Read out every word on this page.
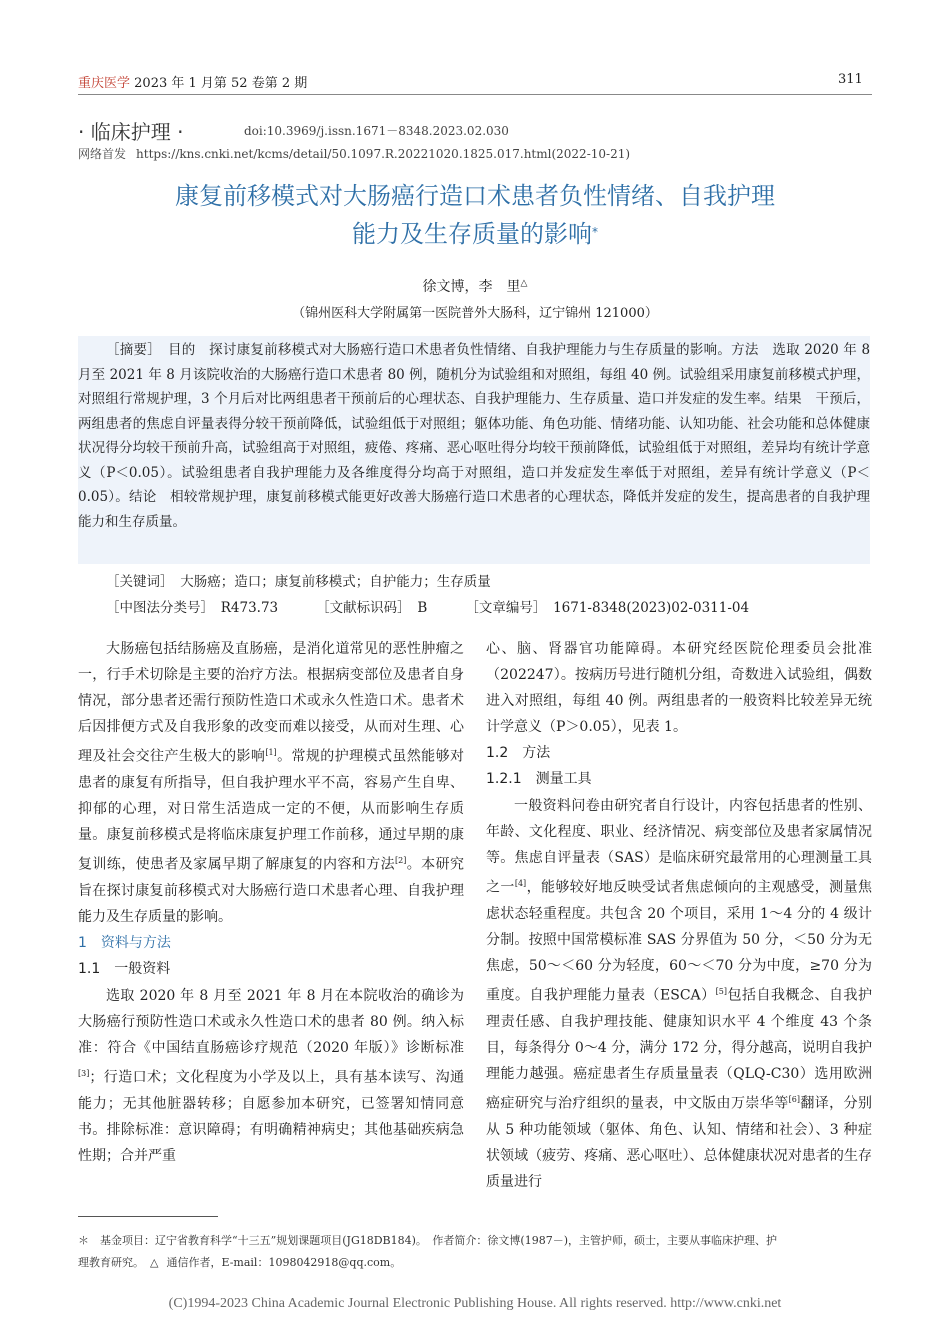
重庆医学 2023 年 1 月第 52 卷第 2 期	311
· 临床护理 ·	doi:10.3969/j.issn.1671－8348.2023.02.030
网络首发 https://kns.cnki.net/kcms/detail/50.1097.R.20221020.1825.017.html(2022-10-21)
康复前移模式对大肠癌行造口术患者负性情绪、自我护理
能力及生存质量的影响*
徐文博，李　里△
（锦州医科大学附属第一医院普外大肠科，辽宁锦州 121000）

［摘要］　 目的　探讨康复前移模式对大肠癌行造口术患者负性情绪、自我护理能力与生存质量的影响。方法　选取 2020 年 8 月至 2021 年 8 月该院收治的大肠癌行造口术患者 80 例，随机分为试验组和对照组，每组 40 例。试验组采用康复前移模式护理，对照组行常规护理，3 个月后对比两组患者干预前后的心理状态、自我护理能力、生存质量、造口并发症的发生率。结果　干预后，两组患者的焦虑自评量表得分较干预前降低，试验组低于对照组；躯体功能、角色功能、情绪功能、认知功能、社会功能和总体健康状况得分均较干预前升高，试验组高于对照组，疲倦、疼痛、恶心呕吐得分均较干预前降低，试验组低于对照组，差异均有统计学意义（P＜0.05）。试验组患者自我护理能力及各维度得分均高于对照组，造口并发症发生率低于对照组，差异有统计学意义（P＜0.05）。结论　相较常规护理，康复前移模式能更好改善大肠癌行造口术患者的心理状态，降低并发症的发生，提高患者的自我护理能力和生存质量。

［关键词］　大肠癌；造口；康复前移模式；自护能力；生存质量
［中图法分类号］　R473.73	［文献标识码］　B	［文章编号］　1671-8348(2023)02-0311-04

大肠癌包括结肠癌及直肠癌，是消化道常见的恶性肿瘤之一，行手术切除是主要的治疗方法。根据病变部位及患者自身情况，部分患者还需行预防性造口术或永久性造口术。患者术后因排便方式及自我形象的改变而难以接受，从而对生理、心理及社会交往产生极大的影响[1]。常规的护理模式虽然能够对患者的康复有所指导，但自我护理水平不高，容易产生自卑、抑郁的心理，对日常生活造成一定的不便，从而影响生存质量。康复前移模式是将临床康复护理工作前移，通过早期的康复训练，使患者及家属早期了解康复的内容和方法[2]。本研究旨在探讨康复前移模式对大肠癌行造口术患者心理、自我护理能力及生存质量的影响。

1　资料与方法

1.1　一般资料

选取 2020 年 8 月至 2021 年 8 月在本院收治的确诊为大肠癌行预防性造口术或永久性造口术的患者 80 例。纳入标准：符合《中国结直肠癌诊疗规范（2020 年版）》诊断标准[3]；行造口术；文化程度为小学及以上，具有基本读写、沟通能力；无其他脏器转移；自愿参加本研究，已签署知情同意书。排除标准：意识障碍；有明确精神病史；其他基础疾病急性期；合并严重

心、脑、肾器官功能障碍。本研究经医院伦理委员会批准（202247）。按病历号进行随机分组，奇数进入试验组，偶数进入对照组，每组 40 例。两组患者的一般资料比较差异无统计学意义（P＞0.05），见表 1。

1.2　方法

1.2.1　测量工具

一般资料问卷由研究者自行设计，内容包括患者的性别、年龄、文化程度、职业、经济情况、病变部位及患者家属情况等。焦虑自评量表（SAS）是临床研究最常用的心理测量工具之一[4]，能够较好地反映受试者焦虑倾向的主观感受，测量焦虑状态轻重程度。共包含 20 个项目，采用 1～4 分的 4 级计分制。按照中国常模标准 SAS 分界值为 50 分，＜50 分为无焦虑，50～＜60 分为轻度，60～＜70 分为中度，≥70 分为重度。自我护理能力量表（ESCA）[5]包括自我概念、自我护理责任感、自我护理技能、健康知识水平 4 个维度 43 个条目，每条得分 0～4 分，满分 172 分，得分越高，说明自我护理能力越强。癌症患者生存质量量表（QLQ-C30）选用欧洲癌症研究与治疗组织的量表，中文版由万崇华等[6]翻译，分别从 5 种功能领域（躯体、角色、认知、情绪和社会）、3 种症状领域（疲劳、疼痛、恶心呕吐）、总体健康状况对患者的生存质量进行

＊　基金项目：辽宁省教育科学“十三五”规划课题项目(JG18DB184)。　作者简介：徐文博(1987－)，主管护师，硕士，主要从事临床护理、护
理教育研究。 △ 通信作者，E-mail：1098042918@qq.com。
(C)1994-2023 China Academic Journal Electronic Publishing House. All rights reserved. http://www.cnki.net
